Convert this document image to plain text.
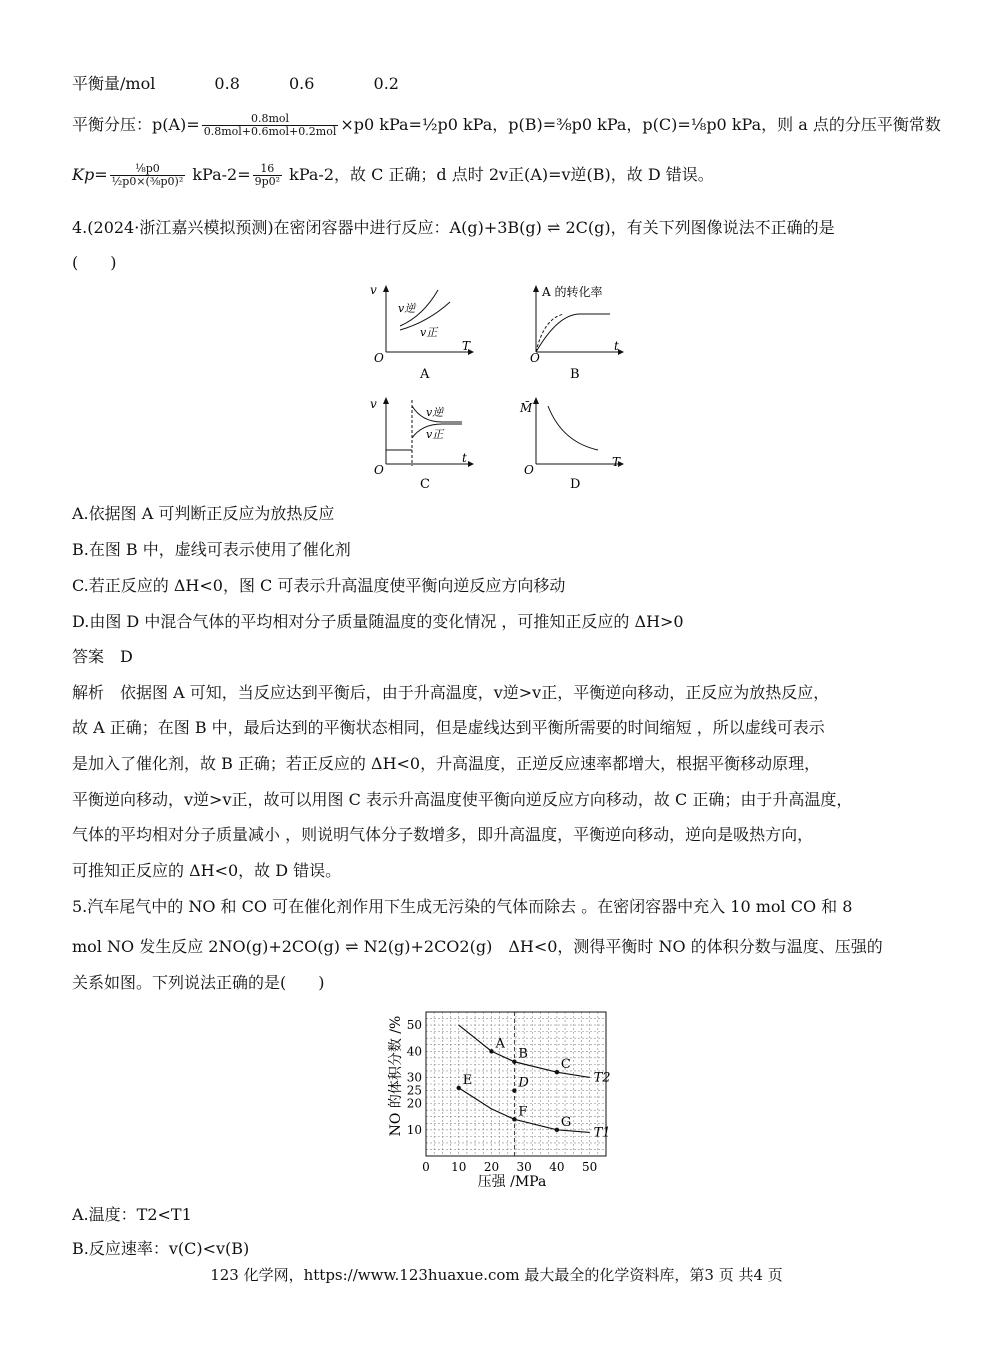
平衡量/mol	0.8	0.6	0.2
平衡分压：$p(A)= \frac{\text{0.8mol}}{\text{0.8mol+0.6mol+0.2mol}} \times p0$ kPa=½p0 kPa，p(B)=⅜p0 kPa，p(C)=⅛p0 kPa，则 a 点的分压平衡常数
$Kp= \frac{\text{⅛p0}}{\text{½p0×(⅜p0)²}} kPa-2= \frac{16}{\text{9p0²}} kPa-2$，故 C 正确；d 点时 2v正(A)=v逆(B)，故 D 错误。
4.(2024·浙江嘉兴模拟预测)在密闭容器中进行反应：A(g)+3B(g) ⇌ 2C(g)，有关下列图像说法不正确的是
(　　)
v
T
O
v逆
v正
A
A 的转化率
t
O
B
v
t
O
v逆
v正
C
M̄
T
O
D
A.依据图 A 可判断正反应为放热反应
B.在图 B 中，虚线可表示使用了催化剂
C.若正反应的 ΔH<0，图 C 可表示升高温度使平衡向逆反应方向移动
D.由图 D 中混合气体的平均相对分子质量随温度的变化情况 ，可推知正反应的 ΔH>0
答案　D
解析　依据图 A 可知，当反应达到平衡后，由于升高温度，v逆>v正，平衡逆向移动，正反应为放热反应，
故 A 正确；在图 B 中，最后达到的平衡状态相同，但是虚线达到平衡所需要的时间缩短 ，所以虚线可表示
是加入了催化剂，故 B 正确；若正反应的 ΔH<0，升高温度，正逆反应速率都增大，根据平衡移动原理，
平衡逆向移动，v逆>v正，故可以用图 C 表示升高温度使平衡向逆反应方向移动，故 C 正确；由于升高温度，
气体的平均相对分子质量减小 ，则说明气体分子数增多，即升高温度，平衡逆向移动，逆向是吸热方向，
可推知正反应的 ΔH<0，故 D 错误。
5.汽车尾气中的 NO 和 CO 可在催化剂作用下生成无污染的气体而除去 。在密闭容器中充入 10 mol CO 和 8
mol NO 发生反应 2NO(g)+2CO(g) ⇌ N2(g)+2CO2(g)　ΔH<0，测得平衡时 NO 的体积分数与温度、压强的
关系如图。下列说法正确的是(　　)
NO 的体积分数 /%
压强 /MPa
T2
T1
A
B
C
D
E
F
G
0 10 20 30 40 50
10
20
25
30
40
50
A.温度：T2<T1
B.反应速率：v(C)<v(B)
123 化学网，https://www.123huaxue.com 最大最全的化学资料库，第3 页 共4 页
